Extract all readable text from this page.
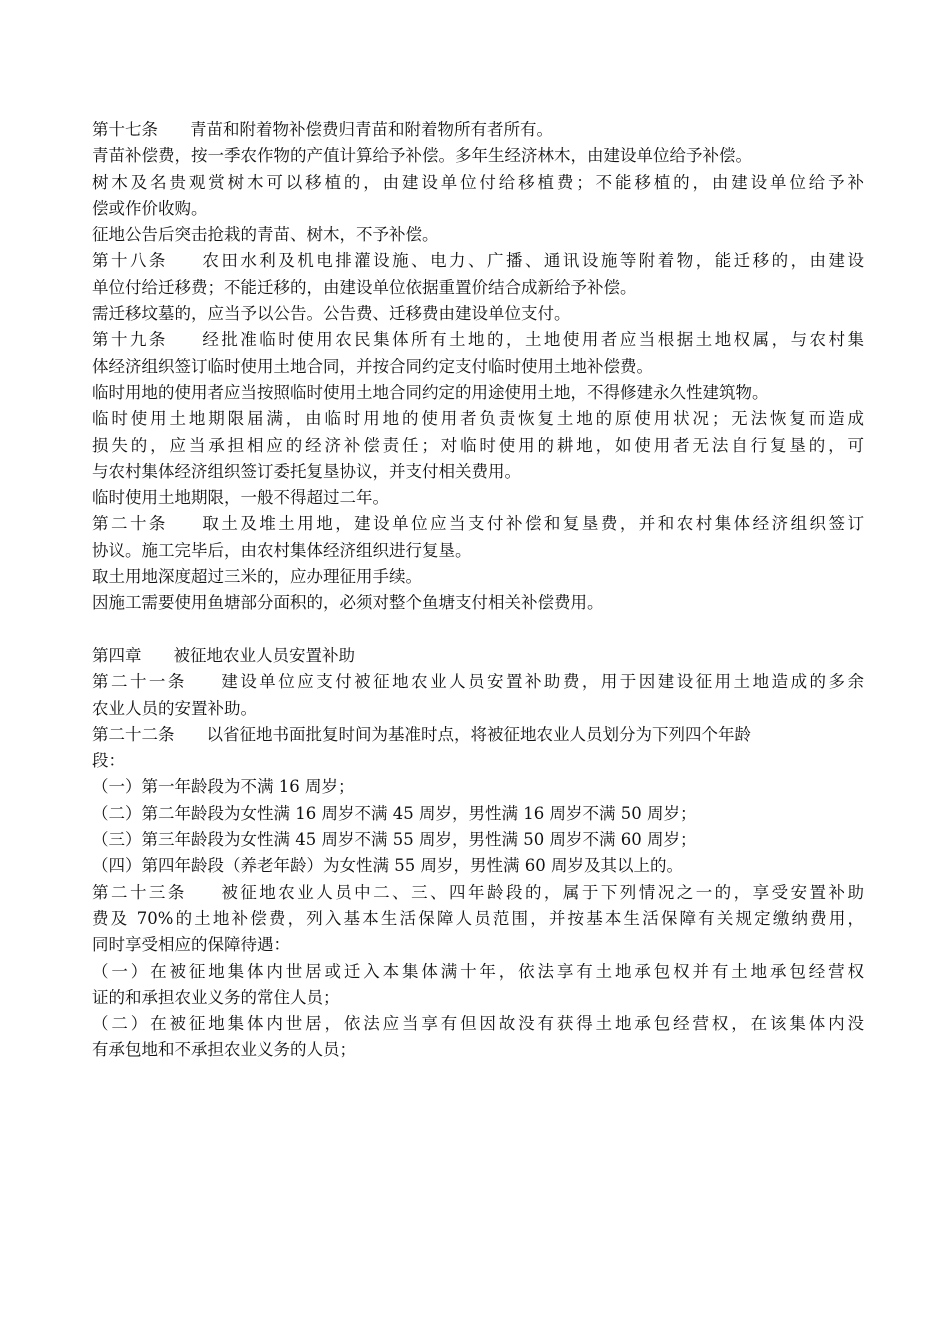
第十七条 青苗和附着物补偿费归青苗和附着物所有者所有。
青苗补偿费，按一季农作物的产值计算给予补偿。多年生经济林木，由建设单位给予补偿。
树木及名贵观赏树木可以移植的，由建设单位付给移植费；不能移植的，由建设单位给予补
偿或作价收购。
征地公告后突击抢栽的青苗、树木，不予补偿。
第十八条 农田水利及机电排灌设施、电力、广播、通讯设施等附着物，能迁移的，由建设
单位付给迁移费；不能迁移的，由建设单位依据重置价结合成新给予补偿。
需迁移坟墓的，应当予以公告。公告费、迁移费由建设单位支付。
第十九条 经批准临时使用农民集体所有土地的，土地使用者应当根据土地权属，与农村集
体经济组织签订临时使用土地合同，并按合同约定支付临时使用土地补偿费。
临时用地的使用者应当按照临时使用土地合同约定的用途使用土地，不得修建永久性建筑物。
临时使用土地期限届满，由临时用地的使用者负责恢复土地的原使用状况；无法恢复而造成
损失的，应当承担相应的经济补偿责任；对临时使用的耕地，如使用者无法自行复垦的，可
与农村集体经济组织签订委托复垦协议，并支付相关费用。
临时使用土地期限，一般不得超过二年。
第二十条 取土及堆土用地，建设单位应当支付补偿和复垦费，并和农村集体经济组织签订
协议。施工完毕后，由农村集体经济组织进行复垦。
取土用地深度超过三米的，应办理征用手续。
因施工需要使用鱼塘部分面积的，必须对整个鱼塘支付相关补偿费用。
第四章 被征地农业人员安置补助
第二十一条 建设单位应支付被征地农业人员安置补助费，用于因建设征用土地造成的多余
农业人员的安置补助。
第二十二条 以省征地书面批复时间为基准时点，将被征地农业人员划分为下列四个年龄
段：
（一）第一年龄段为不满 16 周岁；
（二）第二年龄段为女性满 16 周岁不满 45 周岁，男性满 16 周岁不满 50 周岁；
（三）第三年龄段为女性满 45 周岁不满 55 周岁，男性满 50 周岁不满 60 周岁；
（四）第四年龄段（养老年龄）为女性满 55 周岁，男性满 60 周岁及其以上的。
第二十三条 被征地农业人员中二、三、四年龄段的，属于下列情况之一的，享受安置补助
费及 70%的土地补偿费，列入基本生活保障人员范围，并按基本生活保障有关规定缴纳费用，
同时享受相应的保障待遇：
（一）在被征地集体内世居或迁入本集体满十年，依法享有土地承包权并有土地承包经营权
证的和承担农业义务的常住人员；
（二）在被征地集体内世居，依法应当享有但因故没有获得土地承包经营权，在该集体内没
有承包地和不承担农业义务的人员；
